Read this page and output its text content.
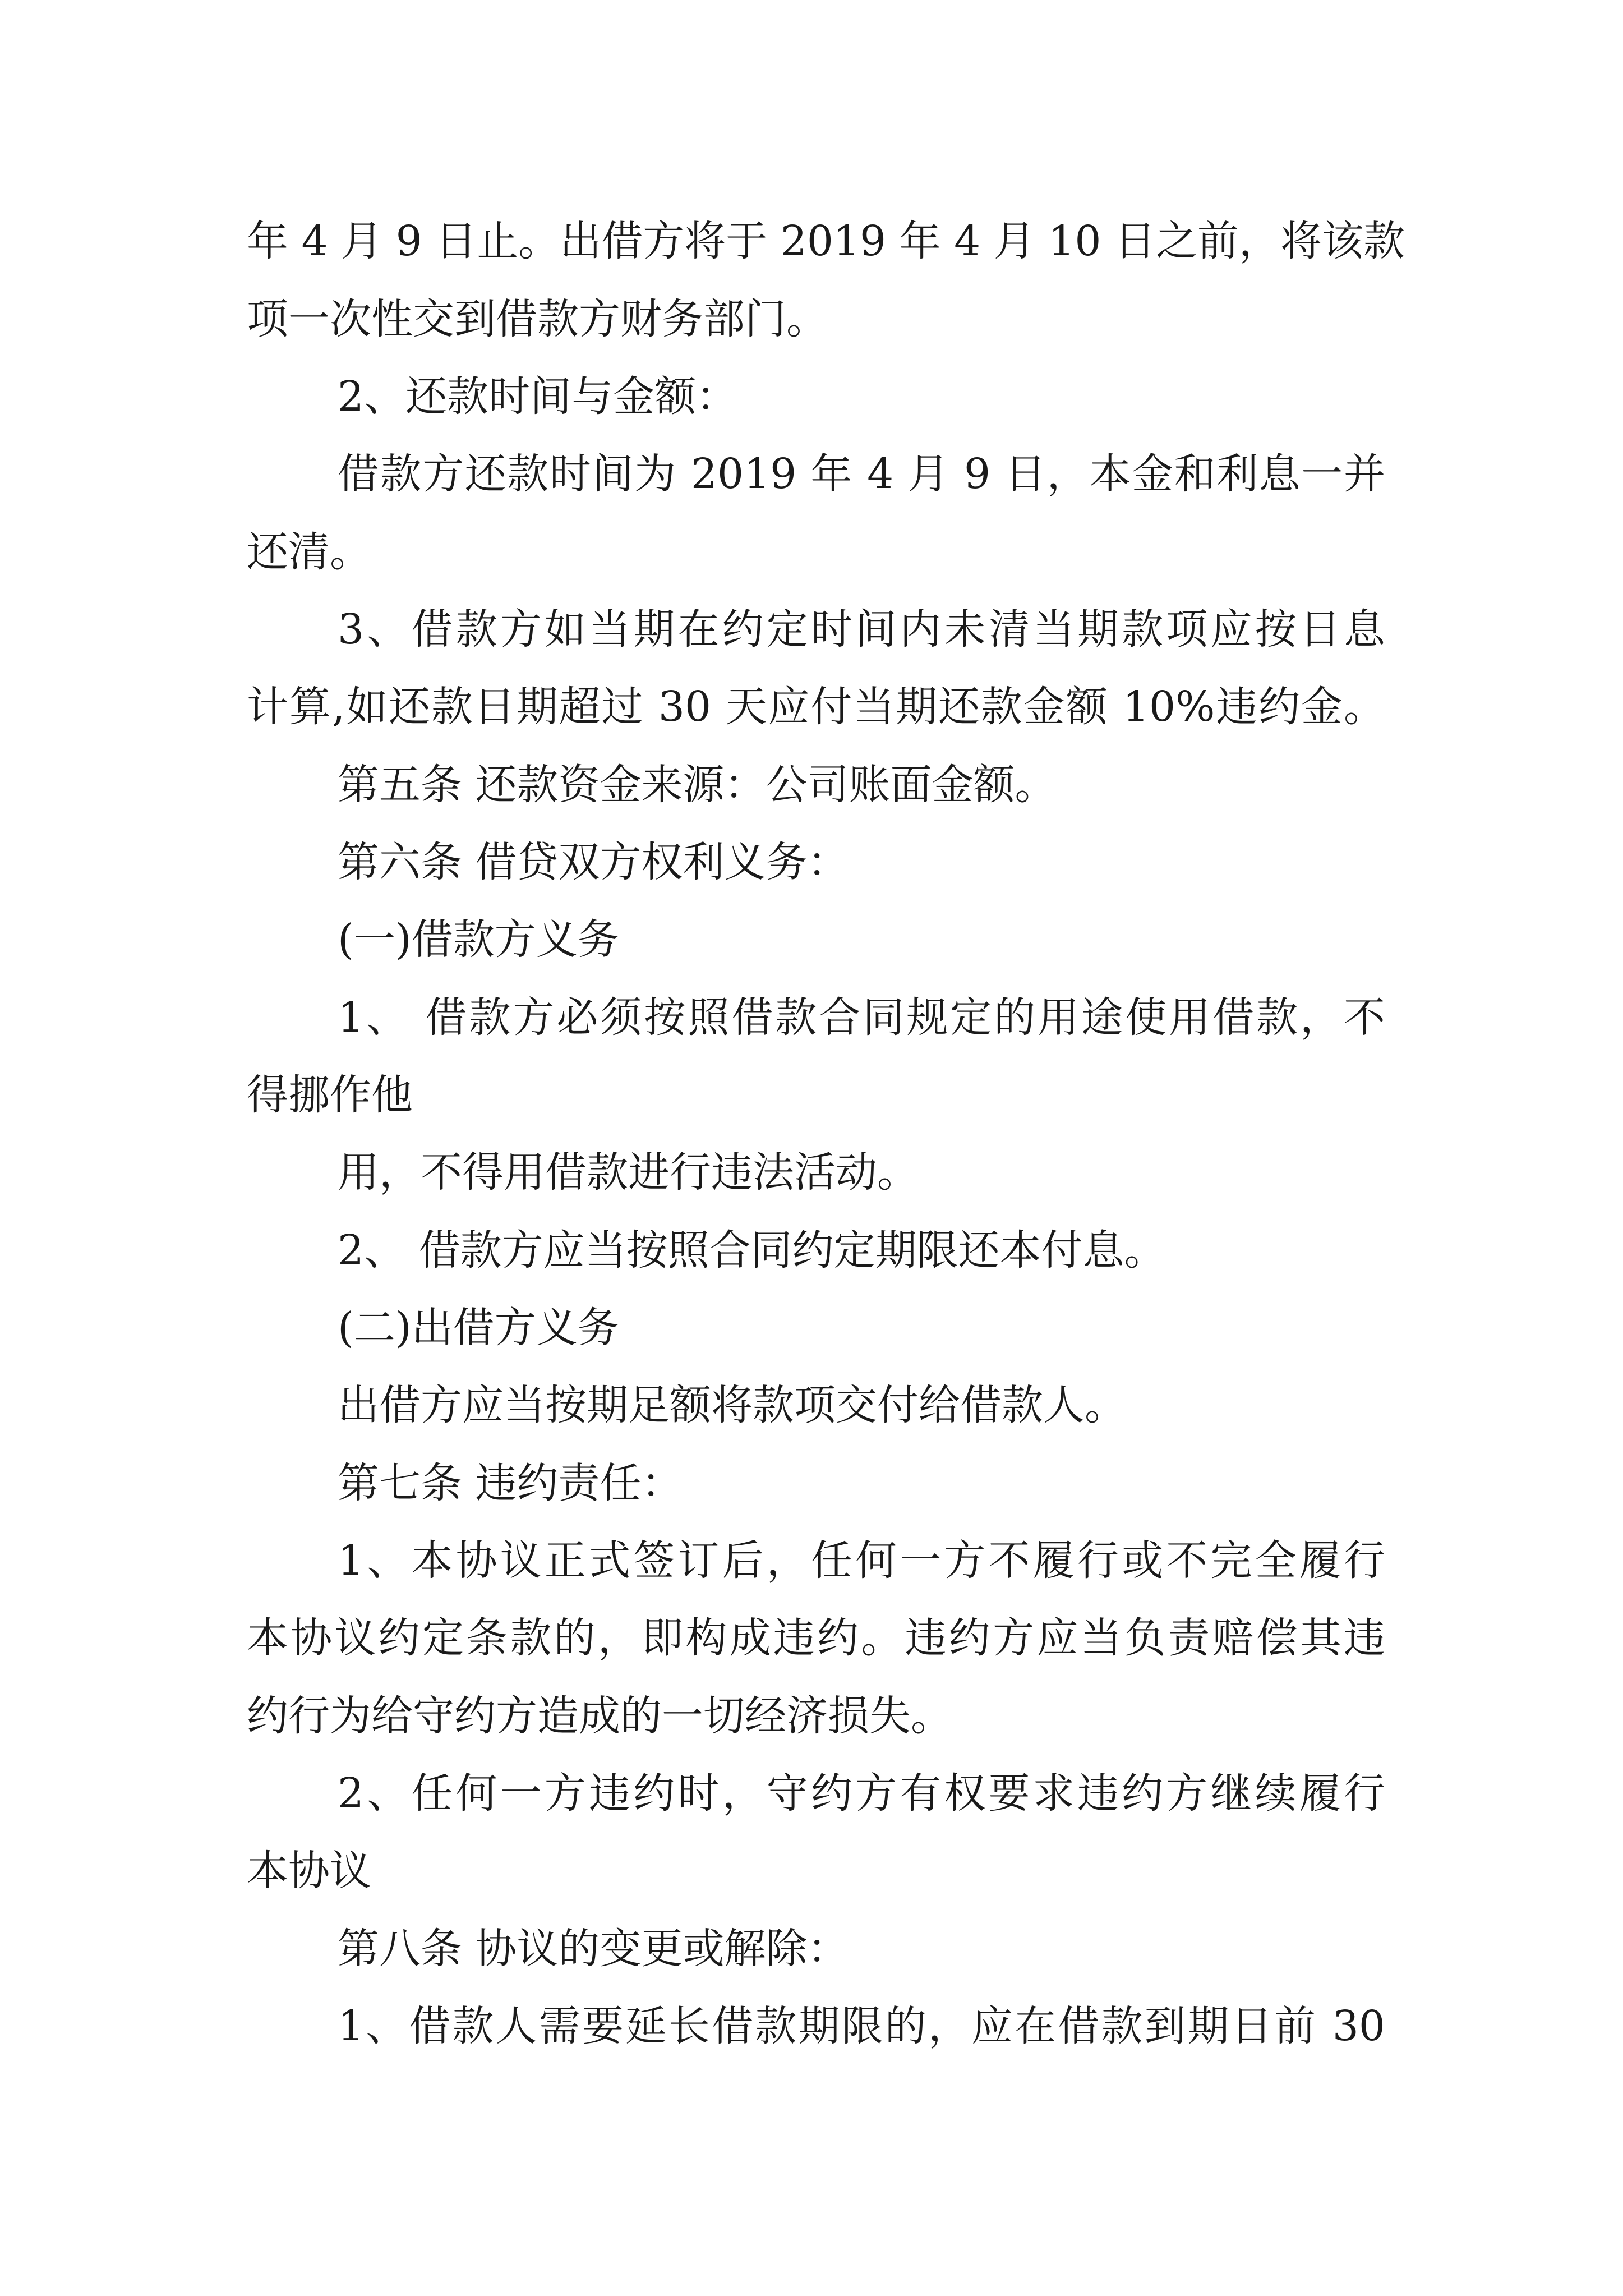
年 4 月 9 日止。出借方将于 2019 年 4 月 10 日之前，将该款
项一次性交到借款方财务部门。
2、还款时间与金额：
借款方还款时间为 2019 年 4 月 9 日，本金和利息一并
还清。
3、借款方如当期在约定时间内未清当期款项应按日息
计算,如还款日期超过 30 天应付当期还款金额 10%违约金。
第五条 还款资金来源：公司账面金额。
第六条 借贷双方权利义务：
(一)借款方义务
1、 借款方必须按照借款合同规定的用途使用借款，不
得挪作他
用，不得用借款进行违法活动。
2、 借款方应当按照合同约定期限还本付息。
(二)出借方义务
出借方应当按期足额将款项交付给借款人。
第七条 违约责任：
1、本协议正式签订后，任何一方不履行或不完全履行
本协议约定条款的，即构成违约。违约方应当负责赔偿其违
约行为给守约方造成的一切经济损失。
2、任何一方违约时，守约方有权要求违约方继续履行
本协议
第八条 协议的变更或解除：
1、借款人需要延长借款期限的，应在借款到期日前 30
